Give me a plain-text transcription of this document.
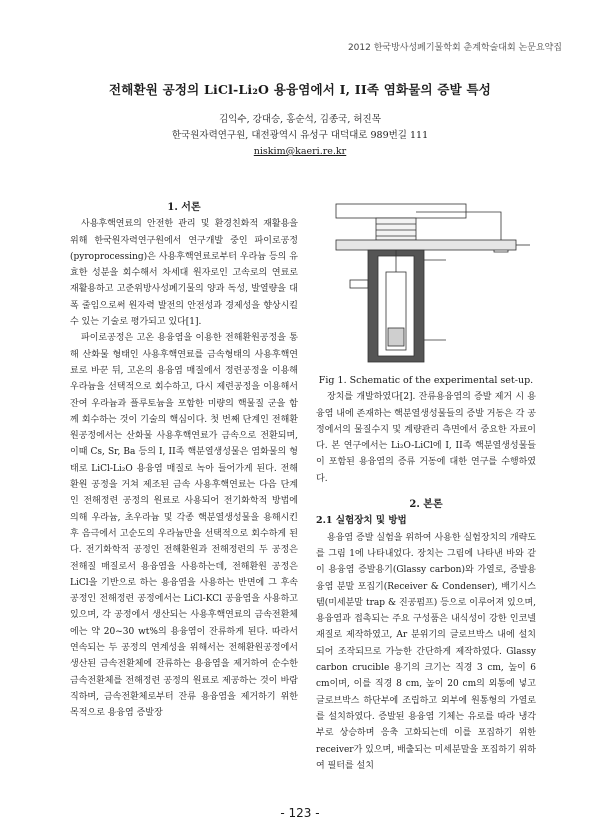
2012 한국방사성폐기물학회 춘계학술대회 논문요약집
전해환원 공정의 LiCl-Li₂O 용융염에서 I, II족 염화물의 증발 특성
김익수, 강대승, 홍순석, 김종국, 허진목
한국원자력연구원, 대전광역시 유성구 대덕대로 989번길 111
niskim@kaeri.re.kr

1. 서론

사용후핵연료의 안전한 관리 및 환경친화적 재활용을 위해 한국원자력연구원에서 연구개발 중인 파이로공정(pyroprocessing)은 사용후핵연료로부터 우라늄 등의 유효한 성분을 회수해서 차세대 원자로인 고속로의 연료로 재활용하고 고준위방사성폐기물의 양과 독성, 발열량을 대폭 줄임으로써 원자력 발전의 안전성과 경제성을 향상시킬 수 있는 기술로 평가되고 있다[1].

파이로공정은 고온 용융염을 이용한 전해환원공정을 통해 산화물 형태인 사용후핵연료를 금속형태의 사용후핵연료로 바꾼 뒤, 고온의 용융염 매질에서 정련공정을 이용해 우라늄을 선택적으로 회수하고, 다시 제련공정을 이용해서 잔여 우라늄과 플루토늄을 포함한 미량의 핵물질 군을 함께 회수하는 것이 기술의 핵심이다. 첫 번째 단계인 전해환원공정에서는 산화물 사용후핵연료가 금속으로 전환되며, 이때 Cs, Sr, Ba 등의 I, II족 핵분열생성물은 염화물의 형태로 LiCl-Li₂O 용융염 매질로 녹아 들어가게 된다. 전해환원 공정을 거쳐 제조된 금속 사용후핵연료는 다음 단계인 전해정련 공정의 원료로 사용되어 전기화학적 방법에 의해 우라늄, 초우라늄 및 각종 핵분열생성물을 용해시킨 후 음극에서 고순도의 우라늄만을 선택적으로 회수하게 된다. 전기화학적 공정인 전해환원과 전해정련의 두 공정은 전해질 매질로서 용융염을 사용하는데, 전해환원 공정은 LiCl을 기반으로 하는 용융염을 사용하는 반면에 그 후속공정인 전해정련 공정에서는 LiCl-KCl 공융염을 사용하고 있으며, 각 공정에서 생산되는 사용후핵연료의 금속전환체에는 약 20~30 wt%의 용융염이 잔류하게 된다. 따라서 연속되는 두 공정의 연계성을 위해서는 전해환원공정에서 생산된 금속전환체에 잔류하는 용융염을 제거하여 순수한 금속전환체를 전해정련 공정의 원료로 제공하는 것이 바람직하며, 금속전환체로부터 잔류 용융염을 제거하기 위한 목적으로 용융염 증발장

Fig 1. Schematic of the experimental set-up.

장치를 개발하였다[2]. 잔류용융염의 증발 제거 시 용융염 내에 존재하는 핵분열생성물들의 증발 거동은 각 공정에서의 물질수지 및 계량관리 측면에서 중요한 자료이다. 본 연구에서는 Li₂O-LiCl에 I, II족 핵분열생성물들이 포함된 용융염의 증류 거동에 대한 연구를 수행하였다.

2. 본론

2.1 실험장치 및 방법

용융염 증발 실험을 위하여 사용한 실험장치의 개략도를 그림 1에 나타내었다. 장치는 그림에 나타낸 바와 같이 용융염 증발용기(Glassy carbon)와 가열로, 증발용융염 분말 포집기(Receiver & Condenser), 배기시스템(미세분말 trap & 진공펌프) 등으로 이루어져 있으며, 용융염과 접촉되는 주요 구성품은 내식성이 강한 인코넬 재질로 제작하였고, Ar 분위기의 글로브박스 내에 설치되어 조작되므로 가능한 간단하게 제작하였다. Glassy carbon crucible 용기의 크기는 직경 3 cm, 높이 6 cm이며, 이를 직경 8 cm, 높이 20 cm의 외통에 넣고 글로브박스 하단부에 조립하고 외부에 원통형의 가열로를 설치하였다. 증발된 용융염 기체는 유로를 따라 냉각부로 상승하며 응축 고화되는데 이를 포집하기 위한 receiver가 있으며, 배출되는 미세분말을 포집하기 위하여 필터를 설치

- 123 -
